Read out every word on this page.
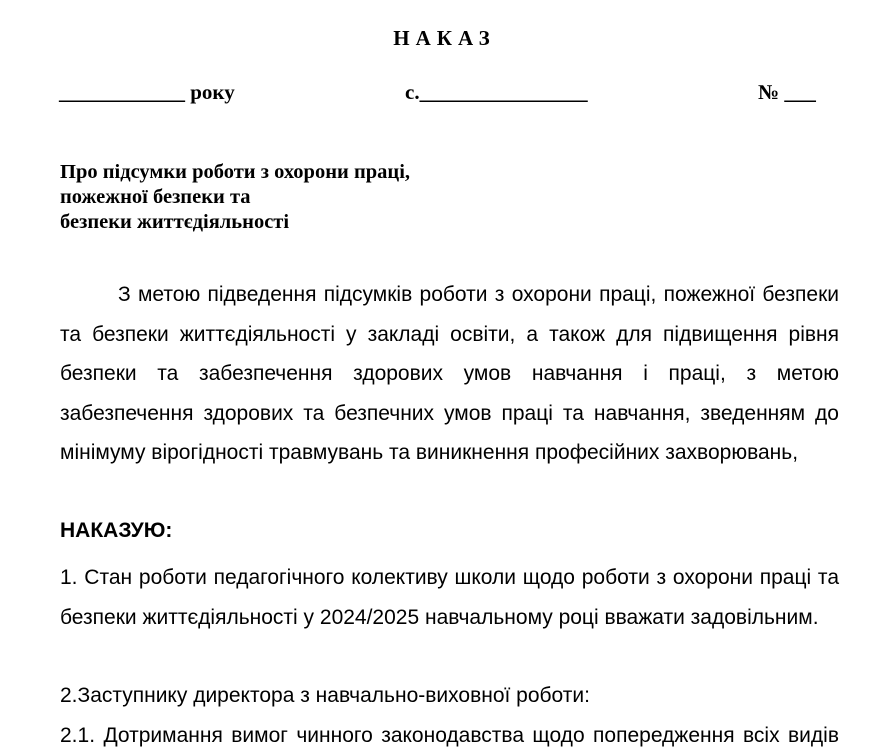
НАКАЗ
____________ року	с.________________	№ ___
Про підсумки роботи з охорони праці,
пожежної безпеки та
безпеки життєдіяльності
З метою підведення підсумків роботи з охорони праці, пожежної безпеки та безпеки життєдіяльності у закладі освіти, а також для підвищення рівня безпеки та забезпечення здорових умов навчання і праці, з метою забезпечення здорових та безпечних умов праці та навчання, зведенням до мінімуму вірогідності травмувань та виникнення професійних захворювань,
НАКАЗУЮ:
1. Стан роботи педагогічного колективу школи щодо роботи з охорони праці та безпеки життєдіяльності у 2024/2025 навчальному році вважати задовільним.
2.Заступнику директора з навчально-виховної роботи:
2.1. Дотримання вимог чинного законодавства щодо попередження всіх видів
